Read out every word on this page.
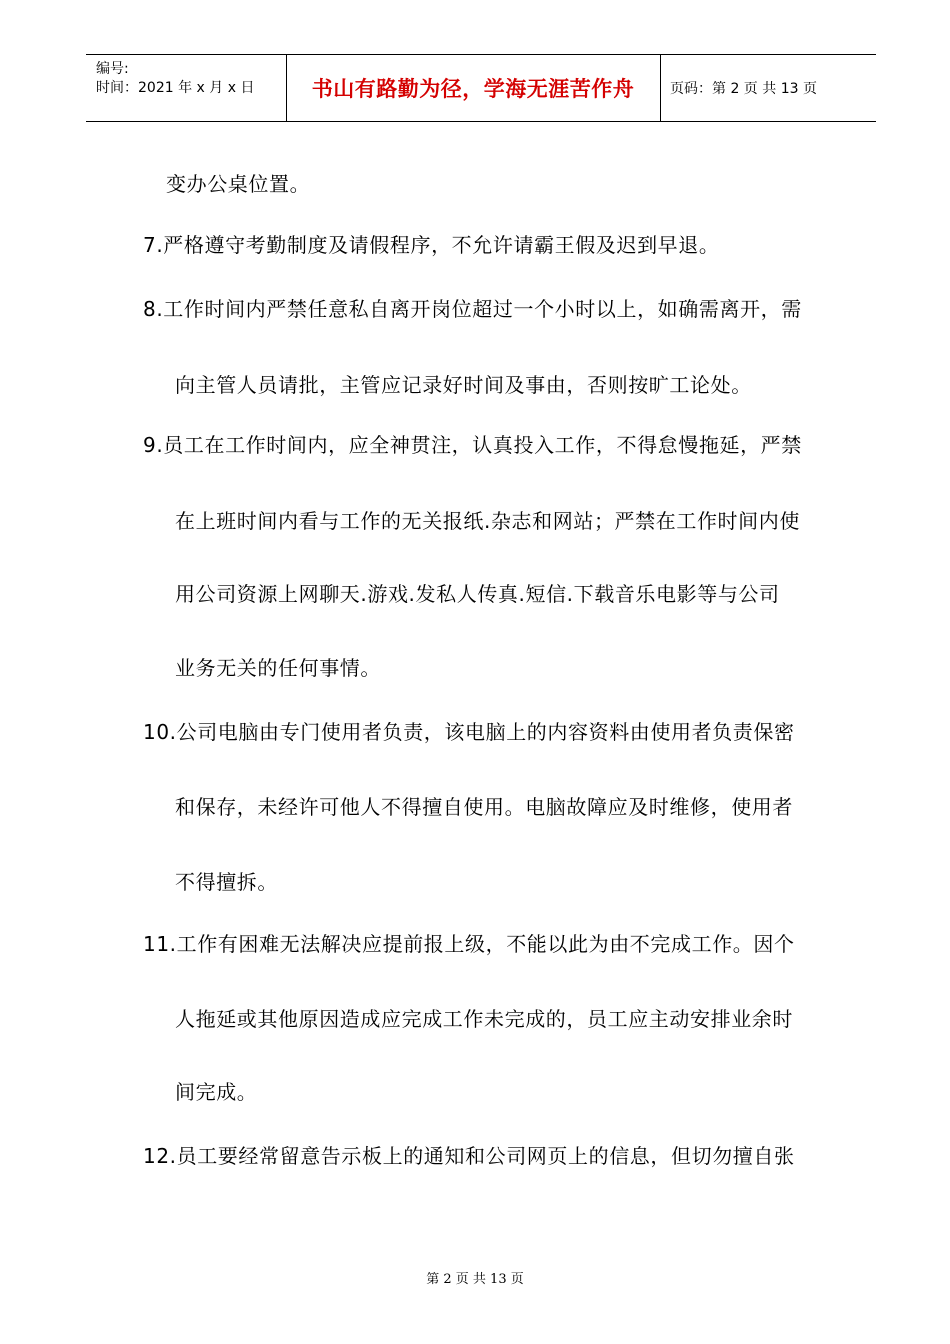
编号:
时间：2021 年 x 月 x 日	书山有路勤为径，学海无涯苦作舟	页码：第 2 页 共 13 页
变办公桌位置。
7.严格遵守考勤制度及请假程序，不允许请霸王假及迟到早退。
8.工作时间内严禁任意私自离开岗位超过一个小时以上，如确需离开，需
向主管人员请批，主管应记录好时间及事由，否则按旷工论处。
9.员工在工作时间内，应全神贯注，认真投入工作，不得怠慢拖延，严禁
在上班时间内看与工作的无关报纸.杂志和网站；严禁在工作时间内使
用公司资源上网聊天.游戏.发私人传真.短信.下载音乐电影等与公司
业务无关的任何事情。
10.公司电脑由专门使用者负责，该电脑上的内容资料由使用者负责保密
和保存，未经许可他人不得擅自使用。电脑故障应及时维修，使用者
不得擅拆。
11.工作有困难无法解决应提前报上级，不能以此为由不完成工作。因个
人拖延或其他原因造成应完成工作未完成的，员工应主动安排业余时
间完成。
12.员工要经常留意告示板上的通知和公司网页上的信息，但切勿擅自张
第 2 页 共 13 页
